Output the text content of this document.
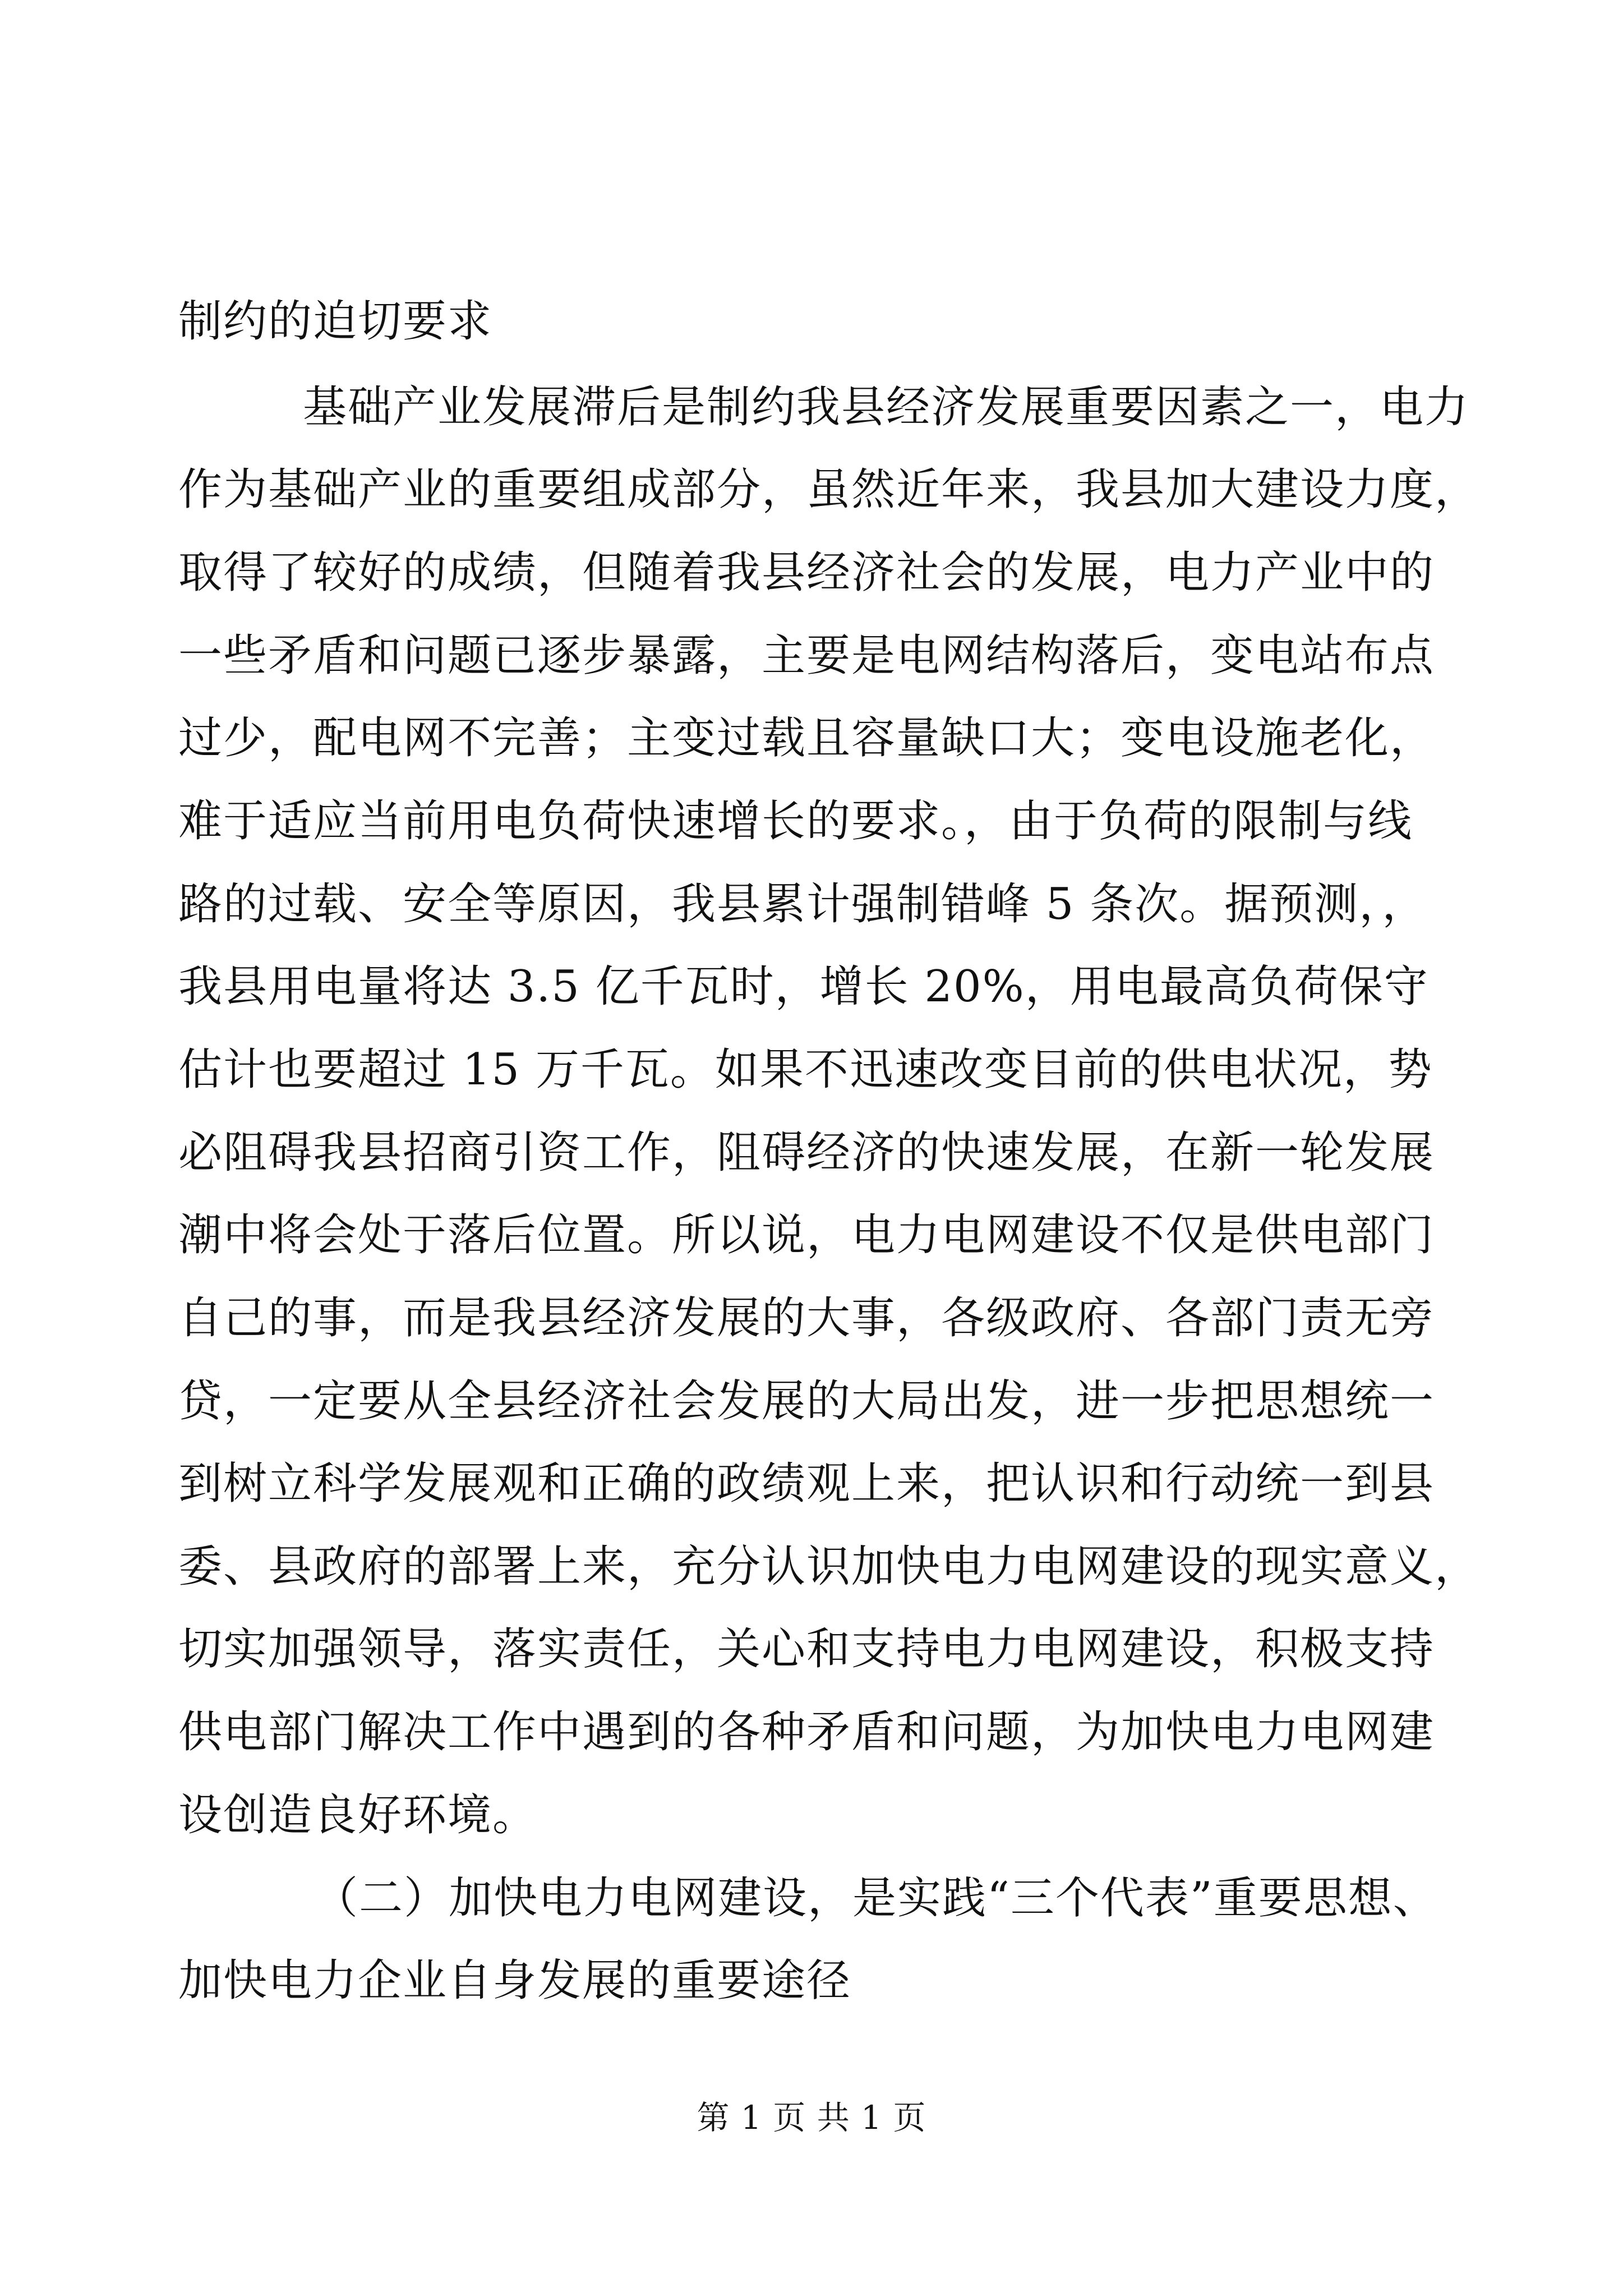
制约的迫切要求
基础产业发展滞后是制约我县经济发展重要因素之一，电力
作为基础产业的重要组成部分，虽然近年来，我县加大建设力度，
取得了较好的成绩，但随着我县经济社会的发展，电力产业中的
一些矛盾和问题已逐步暴露，主要是电网结构落后，变电站布点
过少，配电网不完善；主变过载且容量缺口大；变电设施老化，
难于适应当前用电负荷快速增长的要求。，由于负荷的限制与线
路的过载、安全等原因，我县累计强制错峰 5 条次。据预测，，
我县用电量将达 3.5 亿千瓦时，增长 20%，用电最高负荷保守
估计也要超过 15 万千瓦。如果不迅速改变目前的供电状况，势
必阻碍我县招商引资工作，阻碍经济的快速发展，在新一轮发展
潮中将会处于落后位置。所以说，电力电网建设不仅是供电部门
自己的事，而是我县经济发展的大事，各级政府、各部门责无旁
贷，一定要从全县经济社会发展的大局出发，进一步把思想统一
到树立科学发展观和正确的政绩观上来，把认识和行动统一到县
委、县政府的部署上来，充分认识加快电力电网建设的现实意义，
切实加强领导，落实责任，关心和支持电力电网建设，积极支持
供电部门解决工作中遇到的各种矛盾和问题，为加快电力电网建
设创造良好环境。
（二）加快电力电网建设，是实践“三个代表”重要思想、
加快电力企业自身发展的重要途径
第 1 页 共 1 页
